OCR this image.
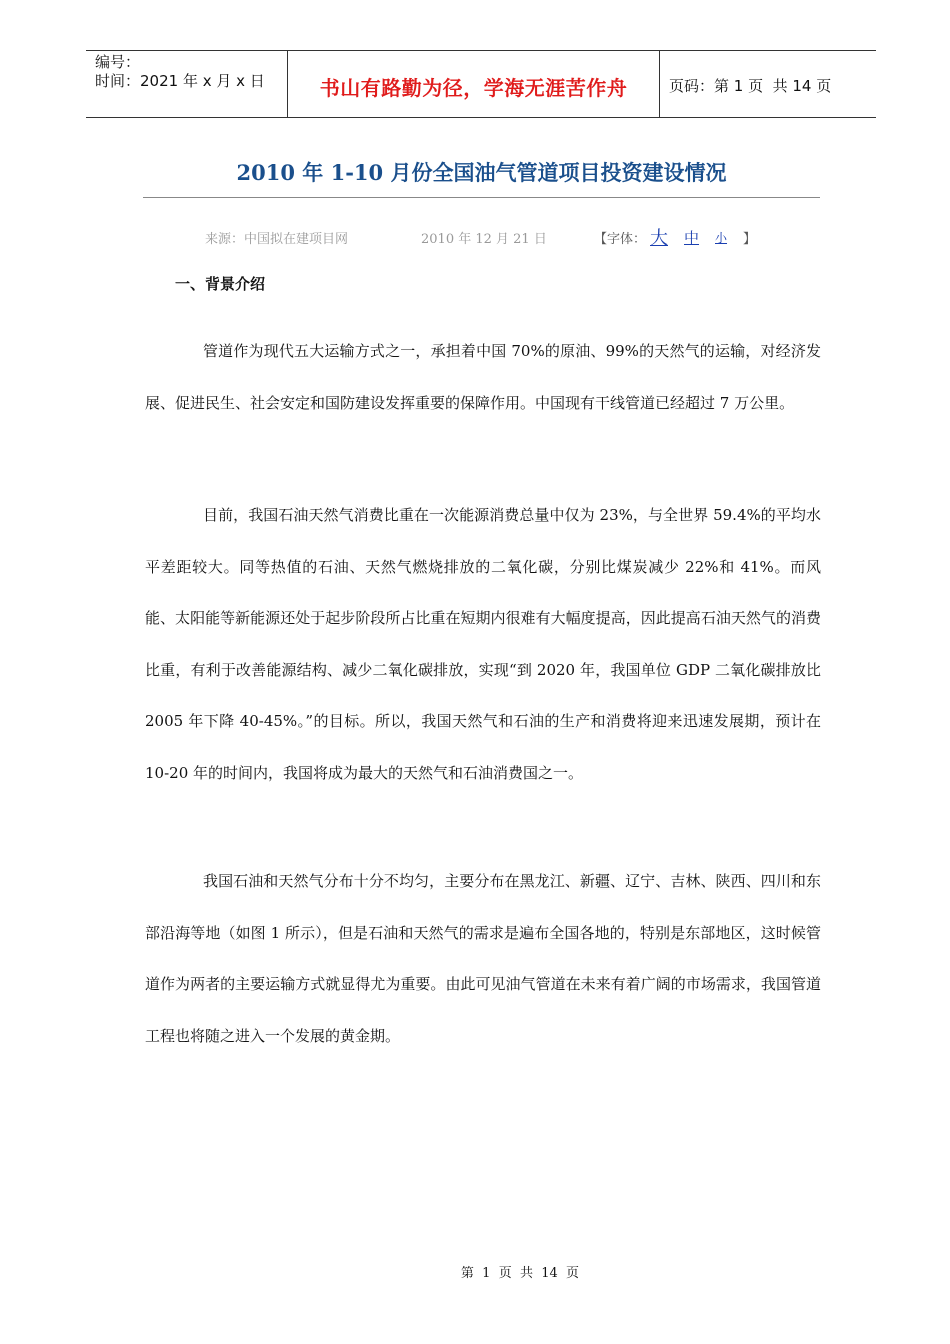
编号：
时间：2021 年 x 月 x 日	书山有路勤为径，学海无涯苦作舟	页码：第 1 页  共 14 页
2010 年 1-10 月份全国油气管道项目投资建设情况
来源：中国拟在建项目网	2010 年 12 月 21 日	【字体： 大 中 小 】
一、背景介绍

管道作为现代五大运输方式之一，承担着中国 70%的原油、99%的天然气的运输，对经济发展、促进民生、社会安定和国防建设发挥重要的保障作用。中国现有干线管道已经超过 7 万公里。

目前，我国石油天然气消费比重在一次能源消费总量中仅为 23%，与全世界 59.4%的平均水平差距较大。同等热值的石油、天然气燃烧排放的二氧化碳，分别比煤炭减少 22%和 41%。而风能、太阳能等新能源还处于起步阶段所占比重在短期内很难有大幅度提高，因此提高石油天然气的消费比重，有利于改善能源结构、减少二氧化碳排放，实现“到 2020 年，我国单位 GDP 二氧化碳排放比 2005 年下降 40-45%。”的目标。所以，我国天然气和石油的生产和消费将迎来迅速发展期，预计在 10-20 年的时间内，我国将成为最大的天然气和石油消费国之一。

我国石油和天然气分布十分不均匀，主要分布在黑龙江、新疆、辽宁、吉林、陕西、四川和东部沿海等地（如图 1 所示），但是石油和天然气的需求是遍布全国各地的，特别是东部地区，这时候管道作为两者的主要运输方式就显得尤为重要。由此可见油气管道在未来有着广阔的市场需求，我国管道工程也将随之进入一个发展的黄金期。

第  1  页  共  14  页
